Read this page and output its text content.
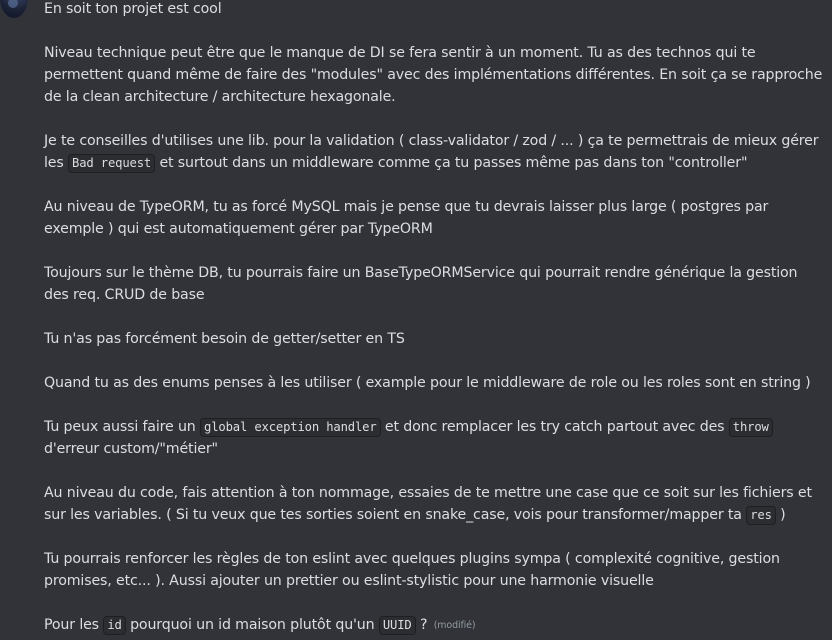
En soit ton projet est cool

Niveau technique peut être que le manque de DI se fera sentir à un moment. Tu as des technos qui te permettent quand même de faire des "modules" avec des implémentations différentes. En soit ça se rapproche de la clean architecture / architecture hexagonale.

Je te conseilles d'utilises une lib. pour la validation ( class-validator / zod / ... ) ça te permettrais de mieux gérer les Bad request et surtout dans un middleware comme ça tu passes même pas dans ton "controller"

Au niveau de TypeORM, tu as forcé MySQL mais je pense que tu devrais laisser plus large ( postgres par exemple ) qui est automatiquement gérer par TypeORM

Toujours sur le thème DB, tu pourrais faire un BaseTypeORMService qui pourrait rendre générique la gestion des req. CRUD de base

Tu n'as pas forcément besoin de getter/setter en TS

Quand tu as des enums penses à les utiliser ( example pour le middleware de role ou les roles sont en string )

Tu peux aussi faire un global exception handler et donc remplacer les try catch partout avec des throw d'erreur custom/"métier"

Au niveau du code, fais attention à ton nommage, essaies de te mettre une case que ce soit sur les fichiers et sur les variables. ( Si tu veux que tes sorties soient en snake_case, vois pour transformer/mapper ta res )

Tu pourrais renforcer les règles de ton eslint avec quelques plugins sympa ( complexité cognitive, gestion promises, etc... ). Aussi ajouter un prettier ou eslint-stylistic pour une harmonie visuelle

Pour les id pourquoi un id maison plutôt qu'un UUID ? (modifié)
